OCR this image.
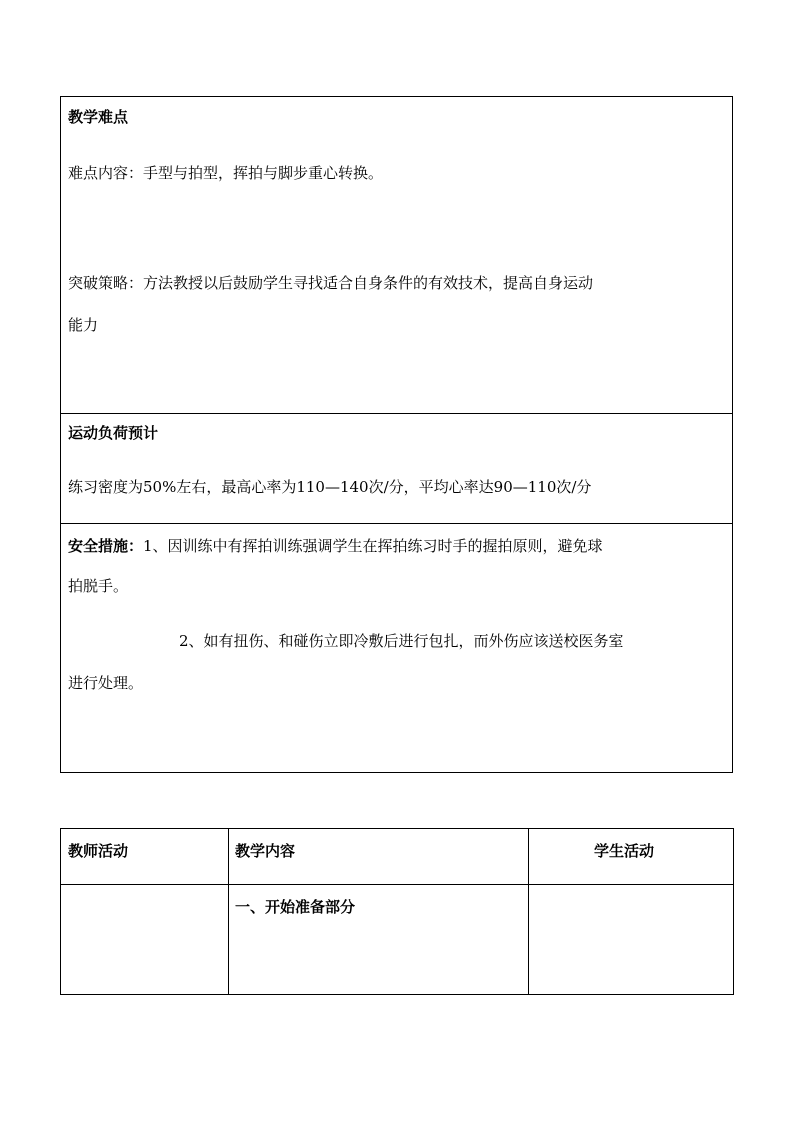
教学难点
难点内容：手型与拍型，挥拍与脚步重心转换。
突破策略：方法教授以后鼓励学生寻找适合自身条件的有效技术，提高自身运动
能力
运动负荷预计
练习密度为50%左右，最高心率为110—140次/分，平均心率达90—110次/分
安全措施：1、因训练中有挥拍训练强调学生在挥拍练习时手的握拍原则，避免球
拍脱手。
2、如有扭伤、和碰伤立即冷敷后进行包扎，而外伤应该送校医务室
进行处理。
教师活动	教学内容	学生活动
一、开始准备部分
